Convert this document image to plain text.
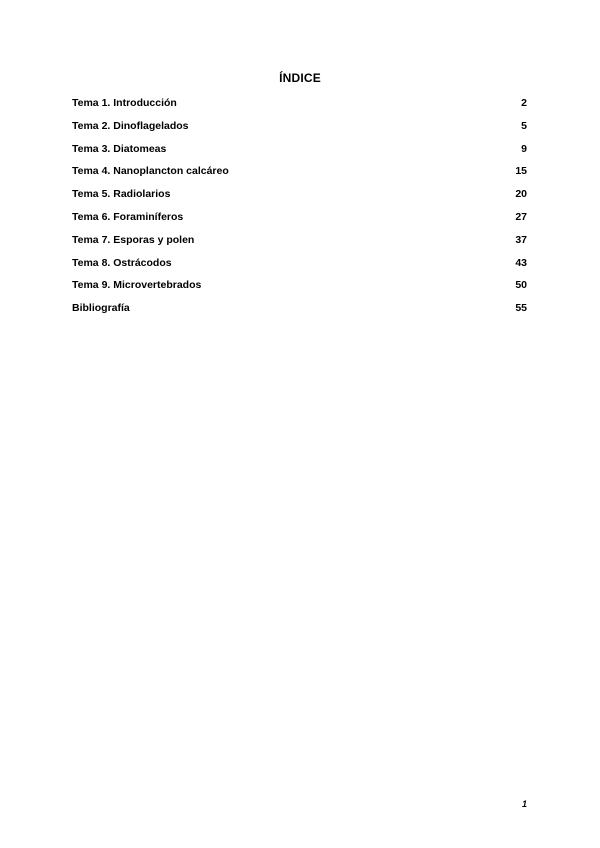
ÍNDICE
Tema 1. Introducción	2
Tema 2. Dinoflagelados	5
Tema 3. Diatomeas	9
Tema 4. Nanoplancton calcáreo	15
Tema 5. Radiolarios	20
Tema 6. Foraminíferos	27
Tema 7. Esporas y polen	37
Tema 8. Ostrácodos	43
Tema 9. Microvertebrados	50
Bibliografía	55
1
